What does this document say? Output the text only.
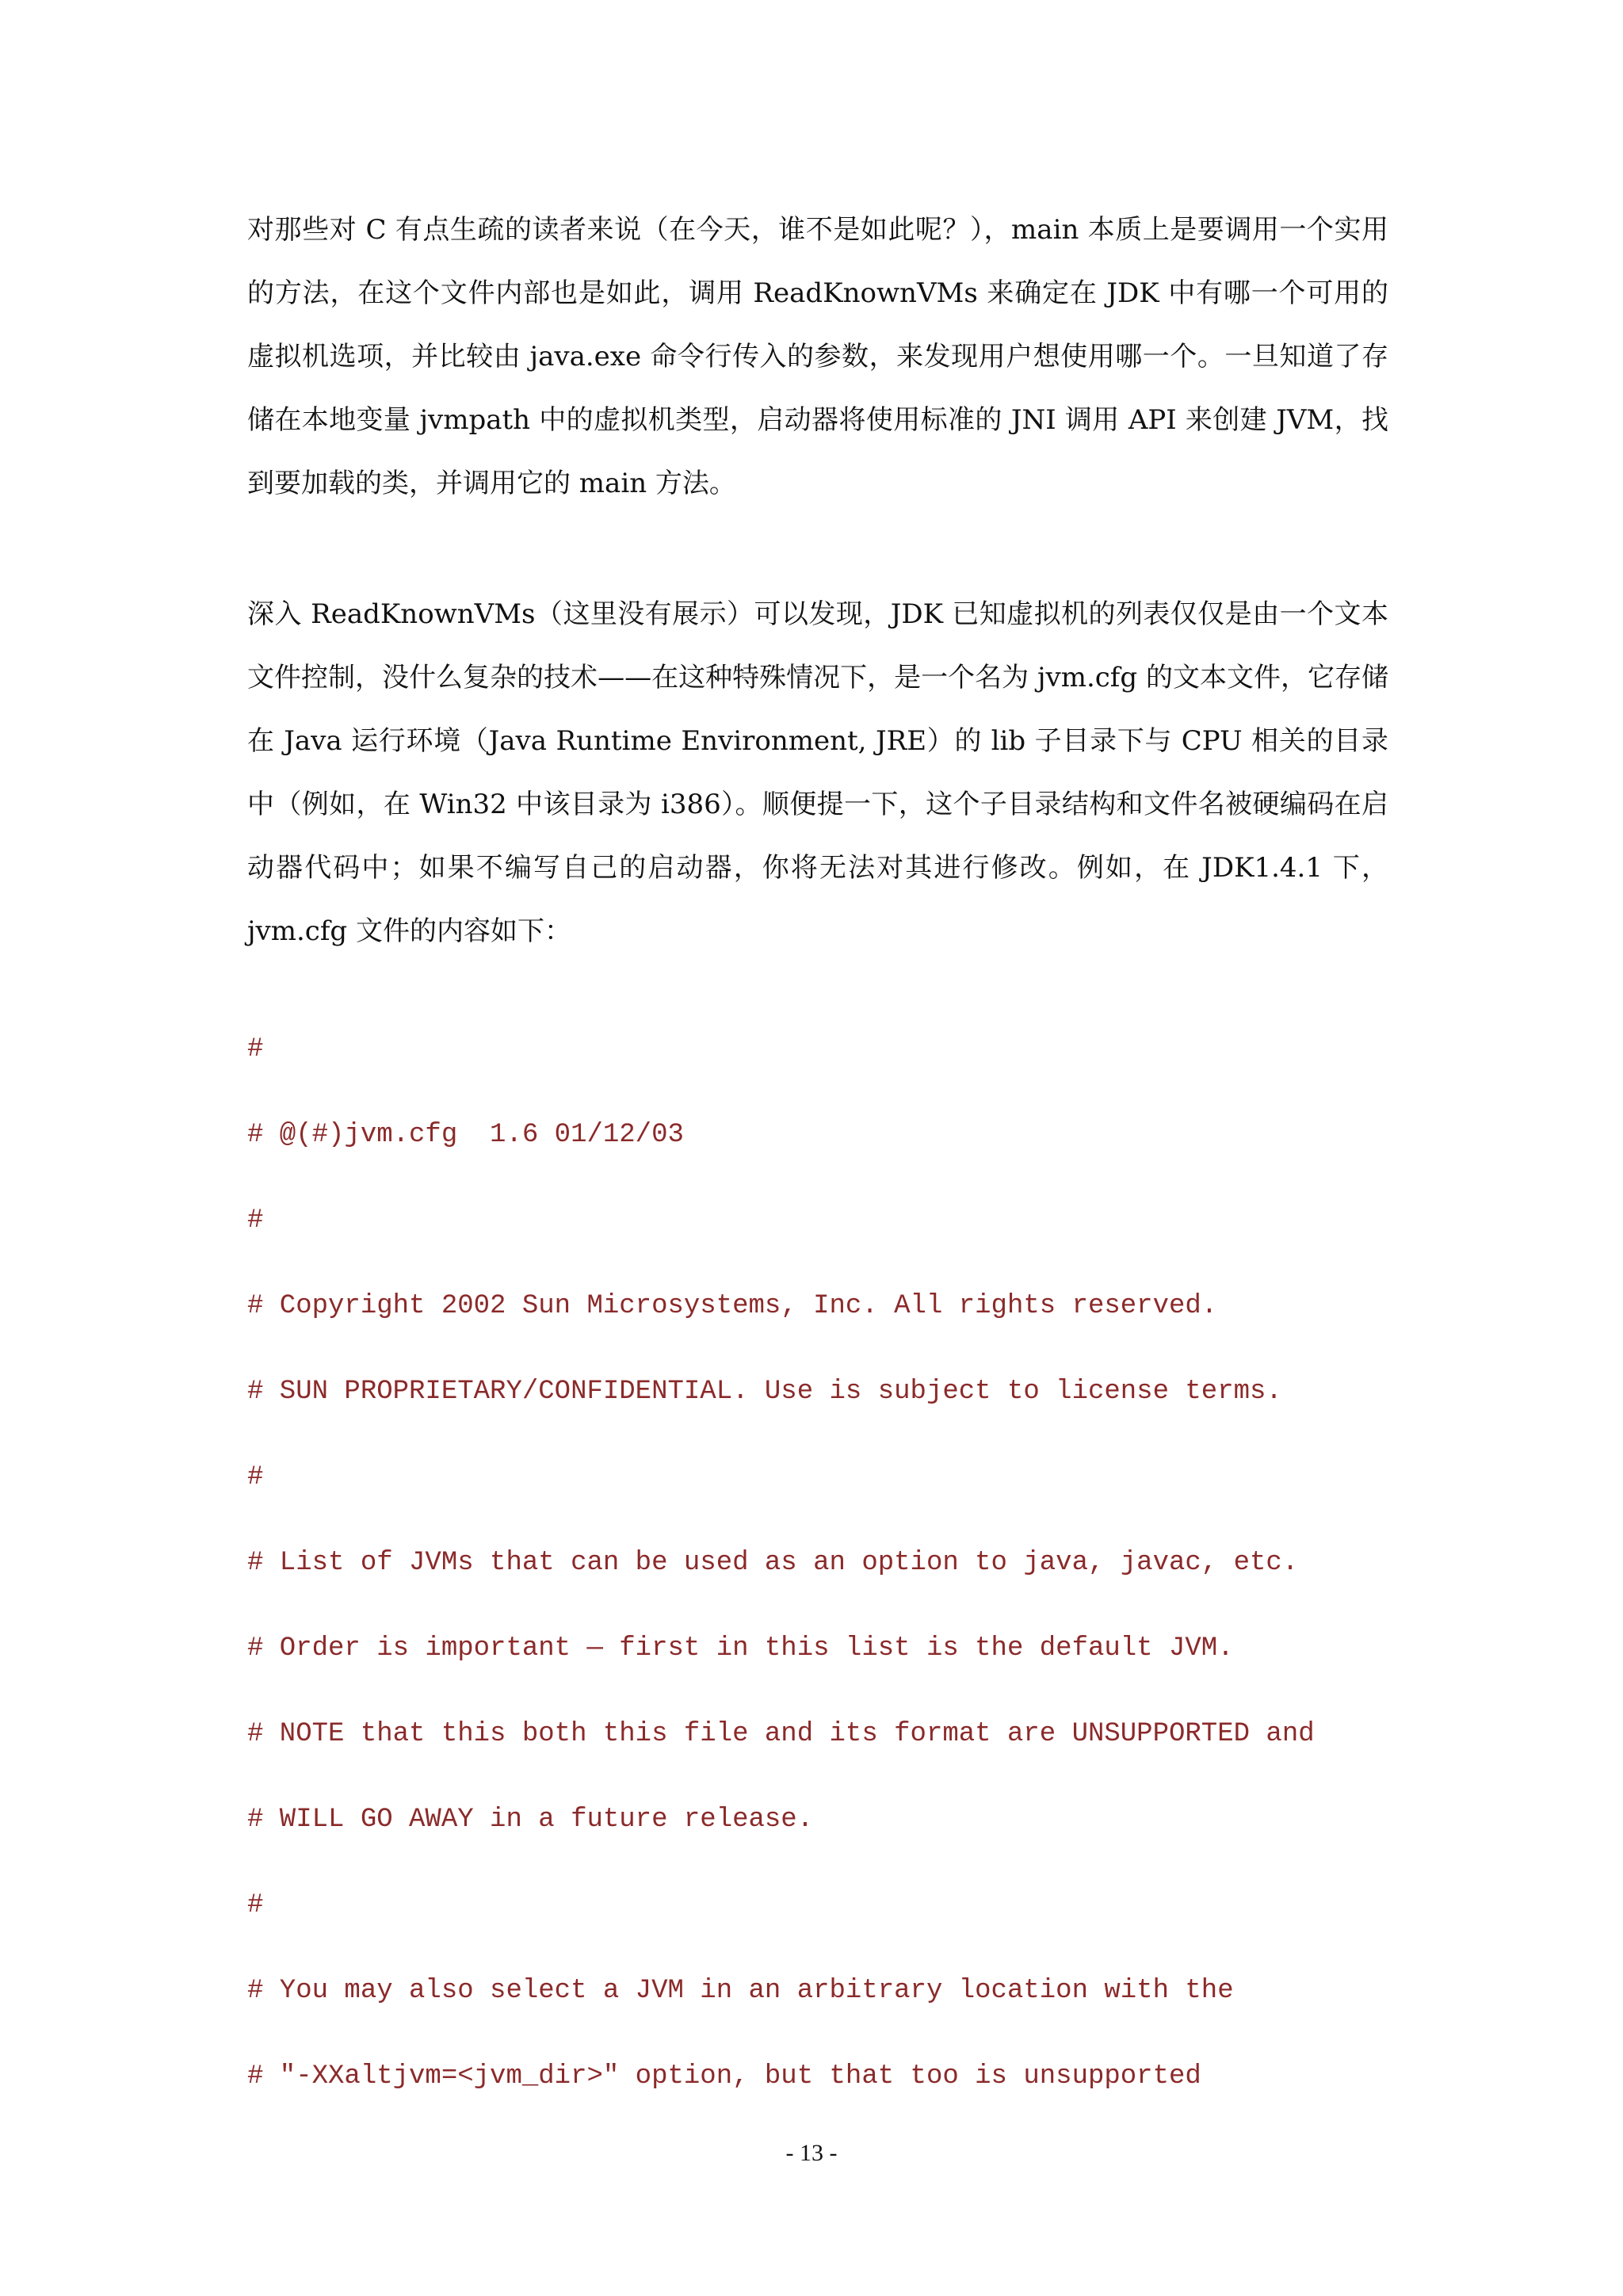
对那些对 C 有点生疏的读者来说（在今天，谁不是如此呢？），main 本质上是要调用一个实用的方法，在这个文件内部也是如此，调用 ReadKnownVMs 来确定在 JDK 中有哪一个可用的虚拟机选项，并比较由 java.exe 命令行传入的参数，来发现用户想使用哪一个。一旦知道了存储在本地变量 jvmpath 中的虚拟机类型，启动器将使用标准的 JNI 调用 API 来创建 JVM，找到要加载的类，并调用它的 main 方法。

深入 ReadKnownVMs（这里没有展示）可以发现，JDK 已知虚拟机的列表仅仅是由一个文本文件控制，没什么复杂的技术——在这种特殊情况下，是一个名为 jvm.cfg 的文本文件，它存储在 Java 运行环境（Java Runtime Environment, JRE）的 lib 子目录下与 CPU 相关的目录中（例如，在 Win32 中该目录为 i386）。顺便提一下，这个子目录结构和文件名被硬编码在启动器代码中；如果不编写自己的启动器，你将无法对其进行修改。例如，在 JDK1.4.1 下，jvm.cfg 文件的内容如下：

#
# @(#)jvm.cfg  1.6 01/12/03
#
# Copyright 2002 Sun Microsystems, Inc. All rights reserved.
# SUN PROPRIETARY/CONFIDENTIAL. Use is subject to license terms.
#
# List of JVMs that can be used as an option to java, javac, etc.
# Order is important — first in this list is the default JVM.
# NOTE that this both this file and its format are UNSUPPORTED and
# WILL GO AWAY in a future release.
#
# You may also select a JVM in an arbitrary location with the
# "-XXaltjvm=<jvm_dir>" option, but that too is unsupported
- 13 -
